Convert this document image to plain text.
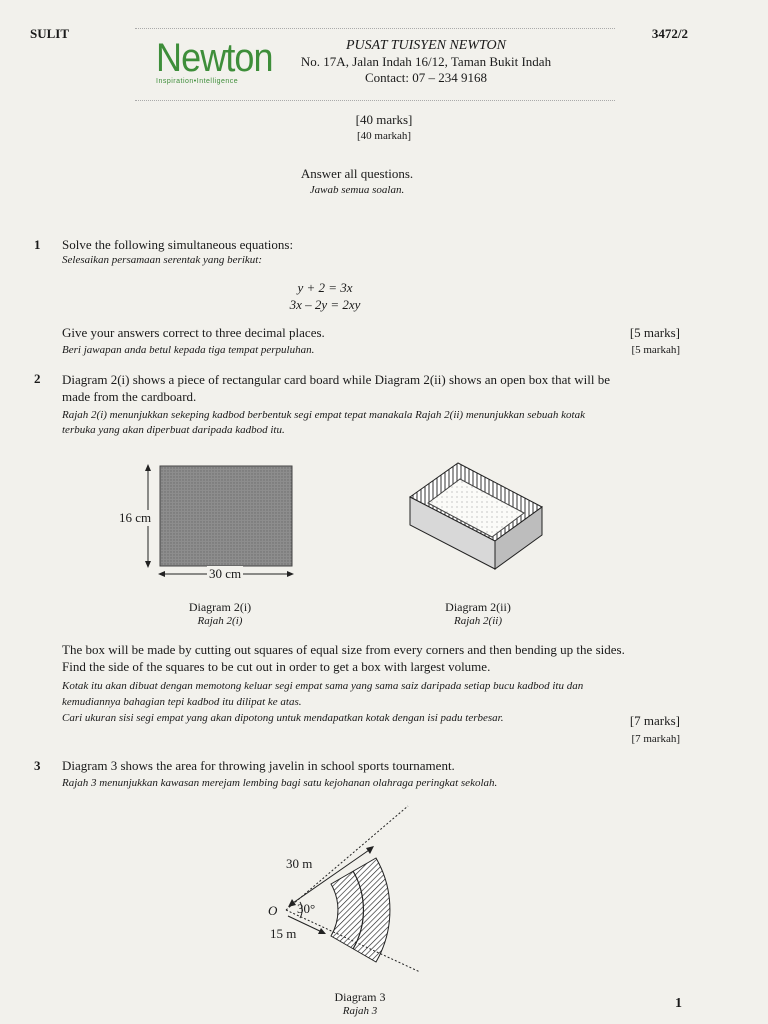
SULIT	3472/2
Newton
Inspiration•Intelligence
PUSAT TUISYEN NEWTON
No. 17A, Jalan Indah 16/12, Taman Bukit Indah
Contact: 07 – 234 9168
[40 marks]
[40 markah]
Answer all questions.
Jawab semua soalan.
1 Solve the following simultaneous equations:
Selesaikan persamaan serentak yang berikut:
y + 2 = 3x
3x – 2y = 2xy
Give your answers correct to three decimal places.
Beri jawapan anda betul kepada tiga tempat perpuluhan.
[5 marks]
[5 markah]
2 Diagram 2(i) shows a piece of rectangular card board while Diagram 2(ii) shows an open box that will be
made from the cardboard.
Rajah 2(i) menunjukkan sekeping kadbod berbentuk segi empat tepat manakala Rajah 2(ii) menunjukkan sebuah kotak
terbuka yang akan diperbuat daripada kadbod itu.
16 cm
30 cm
Diagram 2(i)
Rajah 2(i)
Diagram 2(ii)
Rajah 2(ii)
The box will be made by cutting out squares of equal size from every corners and then bending up the sides.
Find the side of the squares to be cut out in order to get a box with largest volume.
Kotak itu akan dibuat dengan memotong keluar segi empat sama yang sama saiz daripada setiap bucu kadbod itu dan
kemudiannya bahagian tepi kadbod itu dilipat ke atas.
Cari ukuran sisi segi empat yang akan dipotong untuk mendapatkan kotak dengan isi padu terbesar.	[7 marks]
[7 markah]
3 Diagram 3 shows the area for throwing javelin in school sports tournament.
Rajah 3 menunjukkan kawasan merejam lembing bagi satu kejohanan olahraga peringkat sekolah.
30 m
O 30°
15 m
Diagram 3
Rajah 3	1
